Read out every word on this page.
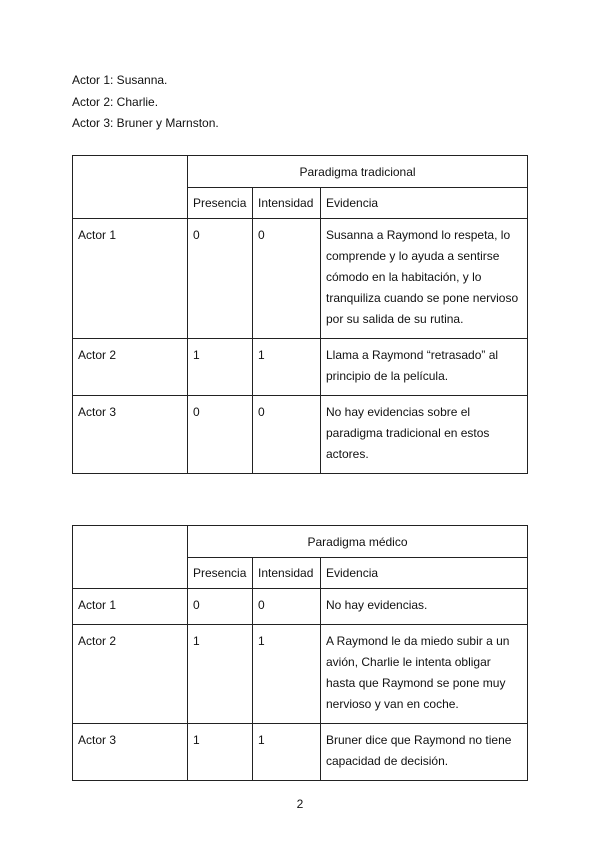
Actor 1: Susanna.

Actor 2: Charlie.

Actor 3: Bruner y Marnston.

	Paradigma tradicional		
	Presencia	Intensidad	Evidencia
Actor 1	0	0	Susanna a Raymond lo respeta, lo comprende y lo ayuda a sentirse cómodo en la habitación, y lo tranquiliza cuando se pone nervioso por su salida de su rutina.
Actor 2	1	1	Llama a Raymond “retrasado” al principio de la película.
Actor 3	0	0	No hay evidencias sobre el paradigma tradicional en estos actores.
	Paradigma médico		
	Presencia	Intensidad	Evidencia
Actor 1	0	0	No hay evidencias.
Actor 2	1	1	A Raymond le da miedo subir a un avión, Charlie le intenta obligar hasta que Raymond se pone muy nervioso y van en coche.
Actor 3	1	1	Bruner dice que Raymond no tiene capacidad de decisión.
2
